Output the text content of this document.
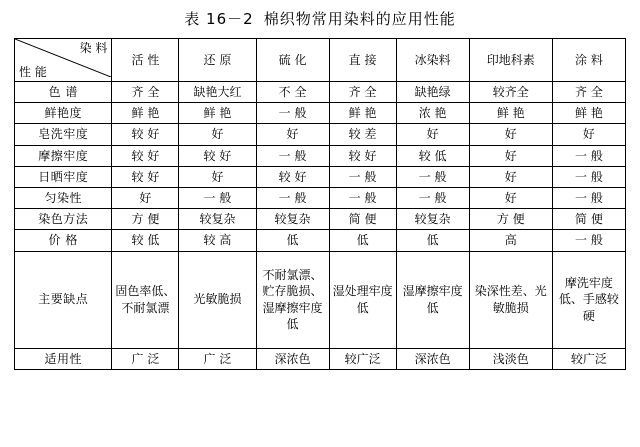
表 16－2 棉织物常用染料的应用性能
染 料
性 能	活 性	还 原	硫 化	直 接	冰染料	印地科素	涂 料
色 谱	齐 全	缺艳大红	不 全	齐 全	缺艳绿	较齐全	齐 全
鲜艳度	鲜 艳	鲜 艳	一 般	鲜 艳	浓 艳	鲜 艳	鲜 艳
皂洗牢度	较 好	好	好	较 差	好	好	好
摩擦牢度	较 好	较 好	一 般	较 好	较 低	好	一 般
日晒牢度	较 好	好	较 好	一 般	一 般	好	一 般
匀染性	好	一 般	一 般	一 般	一 般	好	一 般
染色方法	方 便	较复杂	较复杂	简 便	较复杂	方 便	简 便
价 格	较 低	较 高	低	低	低	高	一 般
主要缺点	固色率低、不耐氯漂	光敏脆损	不耐氯漂、贮存脆损、湿摩擦牢度低	湿处理牢度低	湿摩擦牢度低	染深性差、光敏脆损	摩洗牢度低、手感较硬
适用性	广 泛	广 泛	深浓色	较广泛	深浓色	浅淡色	较广泛
